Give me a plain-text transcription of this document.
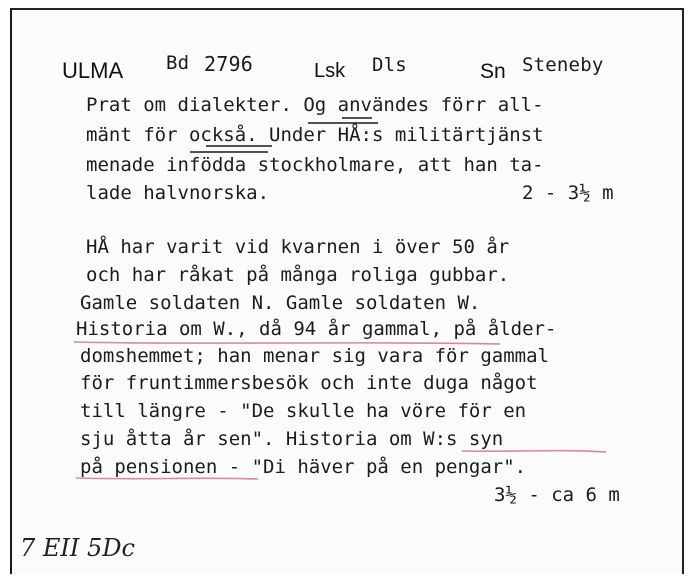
ULMA Bd 2796	Lsk Dls	Sn Steneby
Prat om dialekter. Og användes förr all-
mänt för också. Under HÅ:s militärtjänst
menade infödda stockholmare, att han ta-
lade halvnorska.	2 - 3½ m
HÅ har varit vid kvarnen i över 50 år
och har råkat på många roliga gubbar.
Gamle soldaten N. Gamle soldaten W.
Historia om W., då 94 år gammal, på ålder-
domshemmet; han menar sig vara för gammal
för fruntimmersbesök och inte duga något
till längre - "De skulle ha vöre för en
sju åtta år sen". Historia om W:s syn
på pensionen - "Di häver på en pengar".
3½ - ca 6 m
7 EII 5Dc
